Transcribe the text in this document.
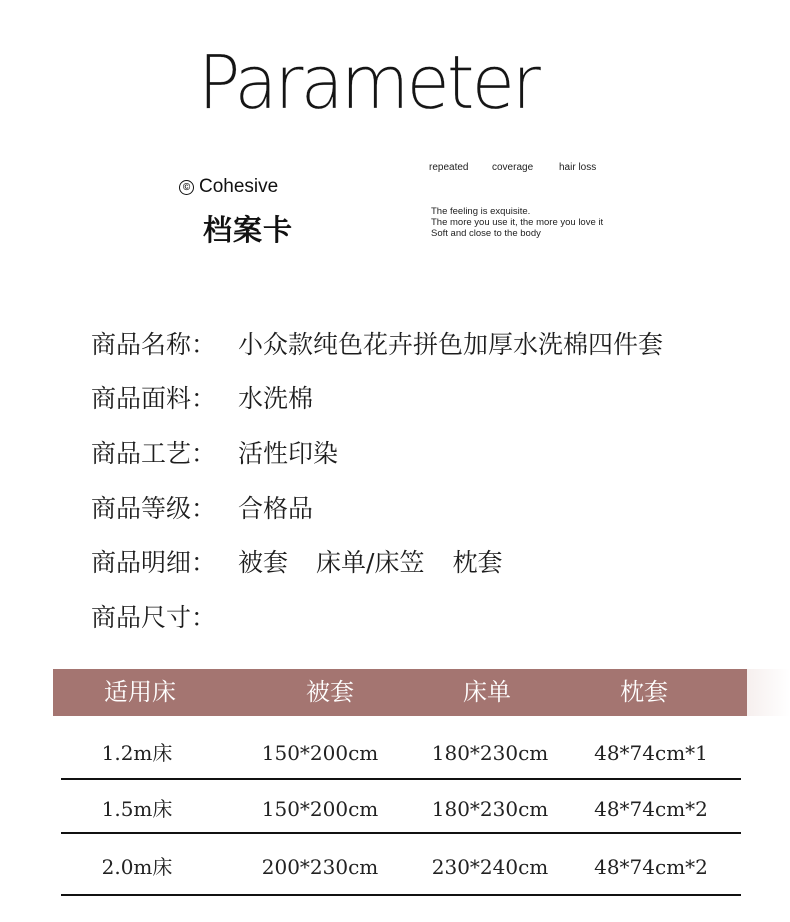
Parameter
© Cohesive
档案卡
repeated coverage	hair loss
The feeling is exquisite.
The more you use it, the more you love it
Soft and close to the body
商品名称： 小众款纯色花卉拼色加厚水洗棉四件套
商品面料： 水洗棉
商品工艺： 活性印染
商品等级： 合格品
商品明细： 被套 床单/床笠 枕套
商品尺寸：
适用床	被套	床单	枕套
1.2m床	150*200cm	180*230cm 48*74cm*1
1.5m床	150*200cm	180*230cm 48*74cm*2
2.0m床	200*230cm	230*240cm 48*74cm*2
